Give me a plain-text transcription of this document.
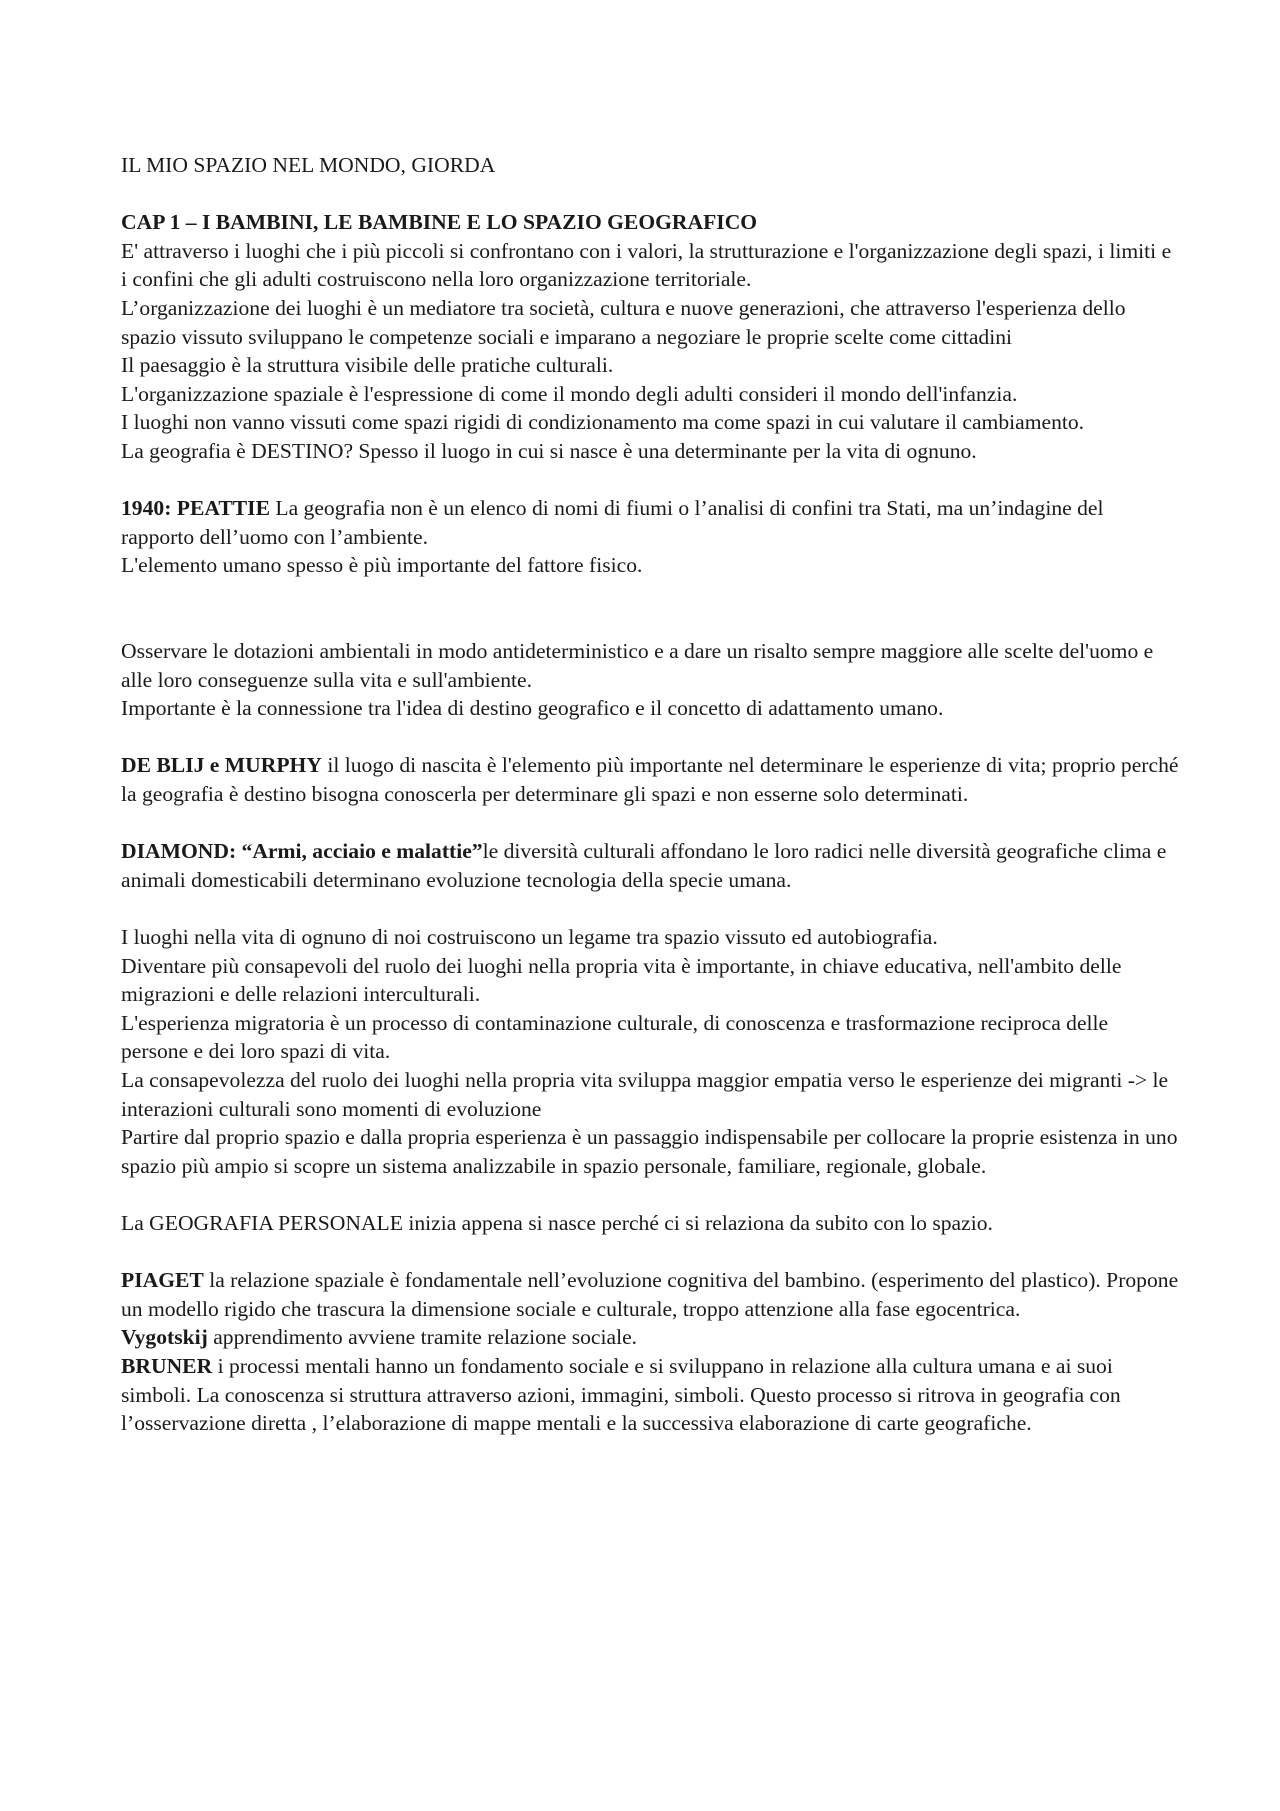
IL MIO SPAZIO NEL MONDO, GIORDA

CAP 1 – I BAMBINI, LE BAMBINE E LO SPAZIO GEOGRAFICO

E' attraverso i luoghi che i più piccoli si confrontano con i valori, la strutturazione e l'organizzazione degli spazi, i limiti e i confini che gli adulti costruiscono nella loro organizzazione territoriale.

L’organizzazione dei luoghi è un mediatore tra società, cultura e nuove generazioni, che attraverso l'esperienza dello spazio vissuto sviluppano le competenze sociali e imparano a negoziare le proprie scelte come cittadini

Il paesaggio è la struttura visibile delle pratiche culturali.

L'organizzazione spaziale è l'espressione di come il mondo degli adulti consideri il mondo dell'infanzia.

I luoghi non vanno vissuti come spazi rigidi di condizionamento ma come spazi in cui valutare il cambiamento.

La geografia è DESTINO? Spesso il luogo in cui si nasce è una determinante per la vita di ognuno.

1940: PEATTIE La geografia non è un elenco di nomi di fiumi o l’analisi di confini tra Stati, ma un’indagine del rapporto dell’uomo con l’ambiente.

L'elemento umano spesso è più importante del fattore fisico.

Osservare le dotazioni ambientali in modo antideterministico e a dare un risalto sempre maggiore alle scelte del'uomo e alle loro conseguenze sulla vita e sull'ambiente.

Importante è la connessione tra l'idea di destino geografico e il concetto di adattamento umano.

DE BLIJ e MURPHY il luogo di nascita è l'elemento più importante nel determinare le esperienze di vita; proprio perché la geografia è destino bisogna conoscerla per determinare gli spazi e non esserne solo determinati.

DIAMOND: “Armi, acciaio e malattie”le diversità culturali affondano le loro radici nelle diversità geografiche clima e animali domesticabili determinano evoluzione tecnologia della specie umana.

I luoghi nella vita di ognuno di noi costruiscono un legame tra spazio vissuto ed autobiografia.

Diventare più consapevoli del ruolo dei luoghi nella propria vita è importante, in chiave educativa, nell'ambito delle migrazioni e delle relazioni interculturali.

L'esperienza migratoria è un processo di contaminazione culturale, di conoscenza e trasformazione reciproca delle persone e dei loro spazi di vita.

La consapevolezza del ruolo dei luoghi nella propria vita sviluppa maggior empatia verso le esperienze dei migranti -> le interazioni culturali sono momenti di evoluzione

Partire dal proprio spazio e dalla propria esperienza è un passaggio indispensabile per collocare la proprie esistenza in uno spazio più ampio si scopre un sistema analizzabile in spazio personale, familiare, regionale, globale.

La GEOGRAFIA PERSONALE inizia appena si nasce perché ci si relaziona da subito con lo spazio.

PIAGET la relazione spaziale è fondamentale nell’evoluzione cognitiva del bambino. (esperimento del plastico). Propone un modello rigido che trascura la dimensione sociale e culturale, troppo attenzione alla fase egocentrica.

Vygotskij apprendimento avviene tramite relazione sociale.

BRUNER i processi mentali hanno un fondamento sociale e si sviluppano in relazione alla cultura umana e ai suoi simboli. La conoscenza si struttura attraverso azioni, immagini, simboli. Questo processo si ritrova in geografia con l’osservazione diretta , l’elaborazione di mappe mentali e la successiva elaborazione di carte geografiche.
